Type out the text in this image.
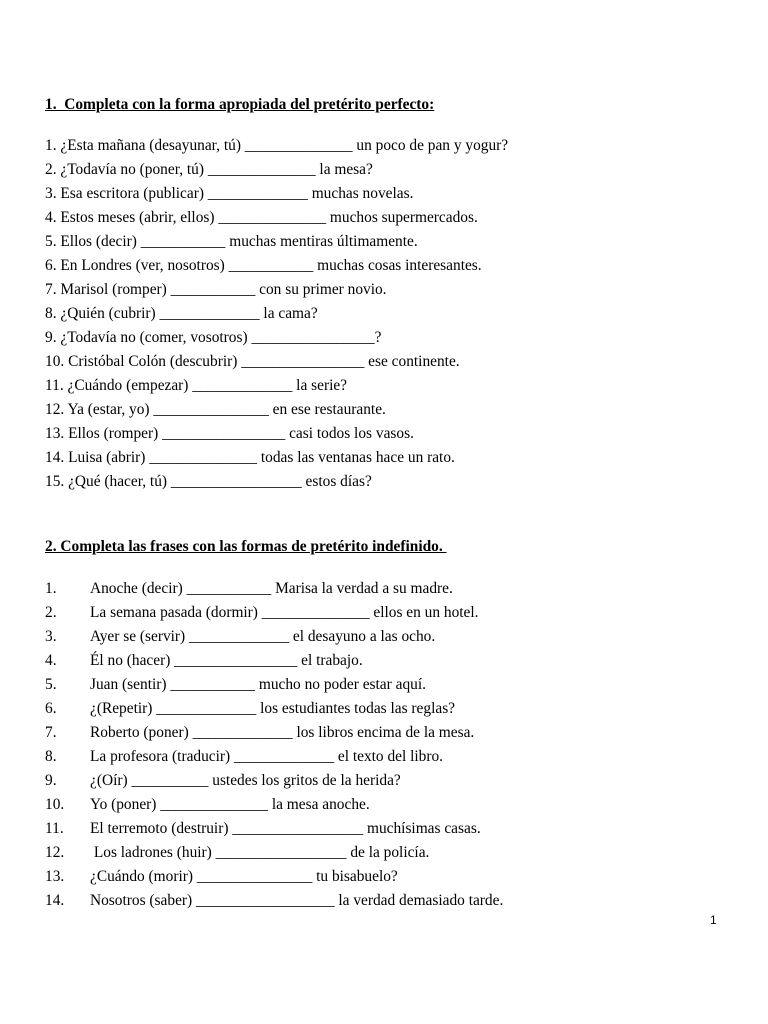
1.  Completa con la forma apropiada del pretérito perfecto:
1. ¿Esta mañana (desayunar, tú) ______________ un poco de pan y yogur?
2. ¿Todavía no (poner, tú) ______________ la mesa?
3. Esa escritora (publicar) _____________ muchas novelas.
4. Estos meses (abrir, ellos) ______________ muchos supermercados.
5. Ellos (decir) ___________ muchas mentiras últimamente.
6. En Londres (ver, nosotros) ___________ muchas cosas interesantes.
7. Marisol (romper) ___________ con su primer novio.
8. ¿Quién (cubrir) _____________ la cama?
9. ¿Todavía no (comer, vosotros) ________________?
10. Cristóbal Colón (descubrir) ________________ ese continente.
11. ¿Cuándo (empezar) _____________ la serie?
12. Ya (estar, yo) _______________ en ese restaurante.
13. Ellos (romper) ________________ casi todos los vasos.
14. Luisa (abrir) ______________ todas las ventanas hace un rato.
15. ¿Qué (hacer, tú) _________________ estos días?
2. Completa las frases con las formas de pretérito indefinido.
1. Anoche (decir) ___________ Marisa la verdad a su madre.
2. La semana pasada (dormir) ______________ ellos en un hotel.
3. Ayer se (servir) _____________ el desayuno a las ocho.
4. Él no (hacer) ________________ el trabajo.
5. Juan (sentir) ___________ mucho no poder estar aquí.
6. ¿(Repetir) _____________ los estudiantes todas las reglas?
7. Roberto (poner) _____________ los libros encima de la mesa.
8. La profesora (traducir) _____________ el texto del libro.
9. ¿(Oír) __________ ustedes los gritos de la herida?
10. Yo (poner) ______________ la mesa anoche.
11. El terremoto (destruir) _________________ muchísimas casas.
12. Los ladrones (huir) _________________ de la policía.
13. ¿Cuándo (morir) _______________ tu bisabuelo?
14. Nosotros (saber) __________________ la verdad demasiado tarde.
1
